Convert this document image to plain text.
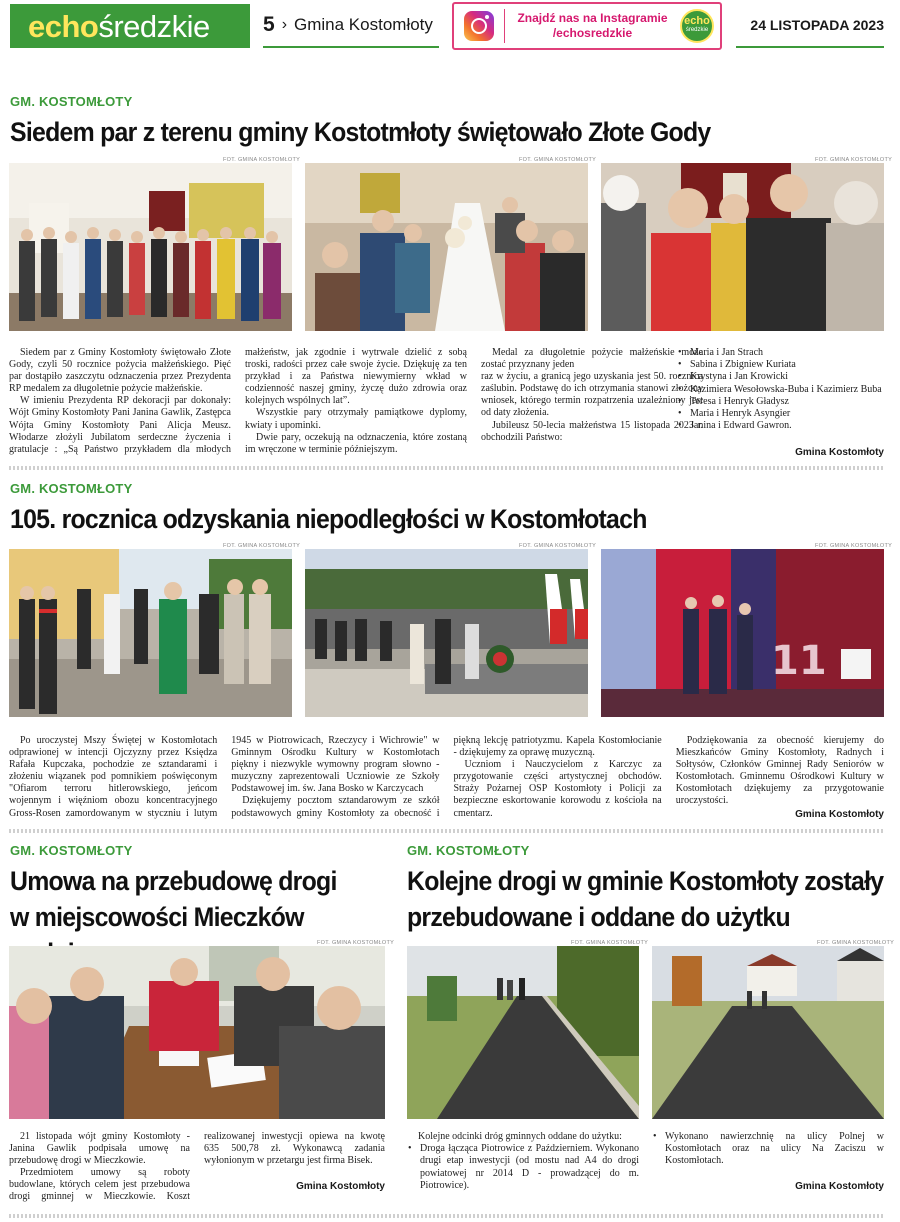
echo średzkie	5 › Gmina Kostomłoty	Znajdź nas na Instagramie
/echosredzkie
echo
średzkie	24 LISTOPADA 2023
GM. KOSTOMŁOTY
Siedem par z terenu gminy Kostotmłoty świętowało Złote Gody
FOT. GMINA KOSTOMŁOTY	FOT. GMINA KOSTOMŁOTY	FOT. GMINA KOSTOMŁOTY

Siedem par z Gminy Kostomłoty świętowało Złote Gody, czyli 50 rocznice pożycia małżeńskiego. Pięć par dostąpiło zaszczytu odznaczenia przez Prezydenta RP medalem za długoletnie pożycie małżeńskie.

W imieniu Prezydenta RP dekoracji par dokonały: Wójt Gminy Kostomłoty Pani Janina Gawlik, Zastępca Wójta Gminy Kostomłoty Pani Alicja Meusz. Włodarze złożyli Jubilatom serdeczne życzenia i gratulacje : „Są Państwo przykładem dla młodych małżeństw, jak zgodnie i wytrwale dzielić z sobą troski, radości przez całe swoje życie. Dziękuję za ten przykład i za Państwa niewymierny wkład w codzienność naszej gminy, życzę dużo zdrowia oraz kolejnych wspólnych lat”.

Wszystkie pary otrzymały pamiątkowe dyplomy, kwiaty i upominki.

Dwie pary, oczekują na odznaczenia, które zostaną im wręczone w terminie późniejszym.

Medal za długoletnie pożycie małżeńskie może zostać przyznany jeden

raz w życiu, a granicą jego uzyskania jest 50. rocznica zaślubin. Podstawę do ich otrzymania stanowi złożony wniosek, którego termin rozpatrzenia uzależniony jest od daty złożenia.

Jubileusz 50-lecia małżeństwa 15 listopada 2023 r. obchodzili Państwo:

• Maria i Jan Strach
• Sabina i Zbigniew Kuriata
• Krystyna i Jan Krowicki
• Kazimiera Wesołowska-Buba i Kazimierz Buba
• Teresa i Henryk Gładysz
• Maria i Henryk Asyngier
• Janina i Edward Gawron.
Gmina Kostomłoty
GM. KOSTOMŁOTY
105. rocznica odzyskania niepodległości w Kostomłotach
FOT. GMINA KOSTOMŁOTY	FOT. GMINA KOSTOMŁOTY	FOT. GMINA KOSTOMŁOTY
11

Po uroczystej Mszy Świętej w Kostomłotach odprawionej w intencji Ojczyzny przez Księdza Rafała Kupczaka, pochodzie ze sztandarami i złożeniu wiązanek pod pomnikiem poświęconym "Ofiarom terroru hitlerowskiego, jeńcom wojennym i więźniom obozu koncentracyjnego Gross-Rosen zamordowanym w styczniu i lutym 1945 w Piotrowicach, Rzeczycy i Wichrowie" w Gminnym Ośrodku Kultury w Kostomłotach piękny i niezwykle wymowny program słowno - muzyczny zaprezentowali Uczniowie ze Szkoły Podstawowej im. św. Jana Bosko w Karczycach

Dziękujemy pocztom sztandarowym ze szkół podstawowych gminy Kostomłoty za obecność i piękną lekcję patriotyzmu. Kapela Kostomłocianie - dziękujemy za oprawę muzyczną.

Uczniom i Nauczycielom z Karczyc za przygotowanie części artystycznej obchodów. Straży Pożarnej OSP Kostomłoty i Policji za bezpieczne eskortowanie korowodu z kościoła na cmentarz.

Podziękowania za obecność kierujemy do Mieszkańców Gminy Kostomłoty, Radnych i Sołtysów, Członków Gminnej Rady Seniorów w Kostomłotach. Gminnemu Ośrodkowi Kultury w Kostomłotach dziękujemy za przygotowanie uroczystości.

Gmina Kostomłoty
GM. KOSTOMŁOTY
Umowa na przebudowę drogi
w miejscowości Mieczków
FOT. GMINA KOSTOMŁOTY

21 listopada wójt gminy Kostomłoty - Janina Gawlik podpisała umowę na przebudowę drogi w Mieczkowie.

Przedmiotem umowy są roboty budowlane, których celem jest przebudowa drogi gminnej w Mieczkowie. Koszt realizowanej inwestycji opiewa na kwotę 635 500,78 zł. Wykonawcą zadania wyłonionym w przetargu jest firma Bisek.

Gmina Kostomłoty
GM. KOSTOMŁOTY
Kolejne drogi w gminie Kostomłoty zostały
przebudowane i oddane do użytku
FOT. GMINA KOSTOMŁOTY	FOT. GMINA KOSTOMŁOTY
Kolejne odcinki dróg gminnych oddane do użytku:
• Droga łącząca Piotrowice z Październiem. Wykonano drugi etap inwestycji (od mostu nad A4 do drogi powiatowej nr 2014 D - prowadzącej do m. Piotrowice).
• Wykonano nawierzchnię na ulicy Polnej w Kostomłotach oraz na ulicy Na Zaciszu w Kostomłotach.
Gmina Kostomłoty
